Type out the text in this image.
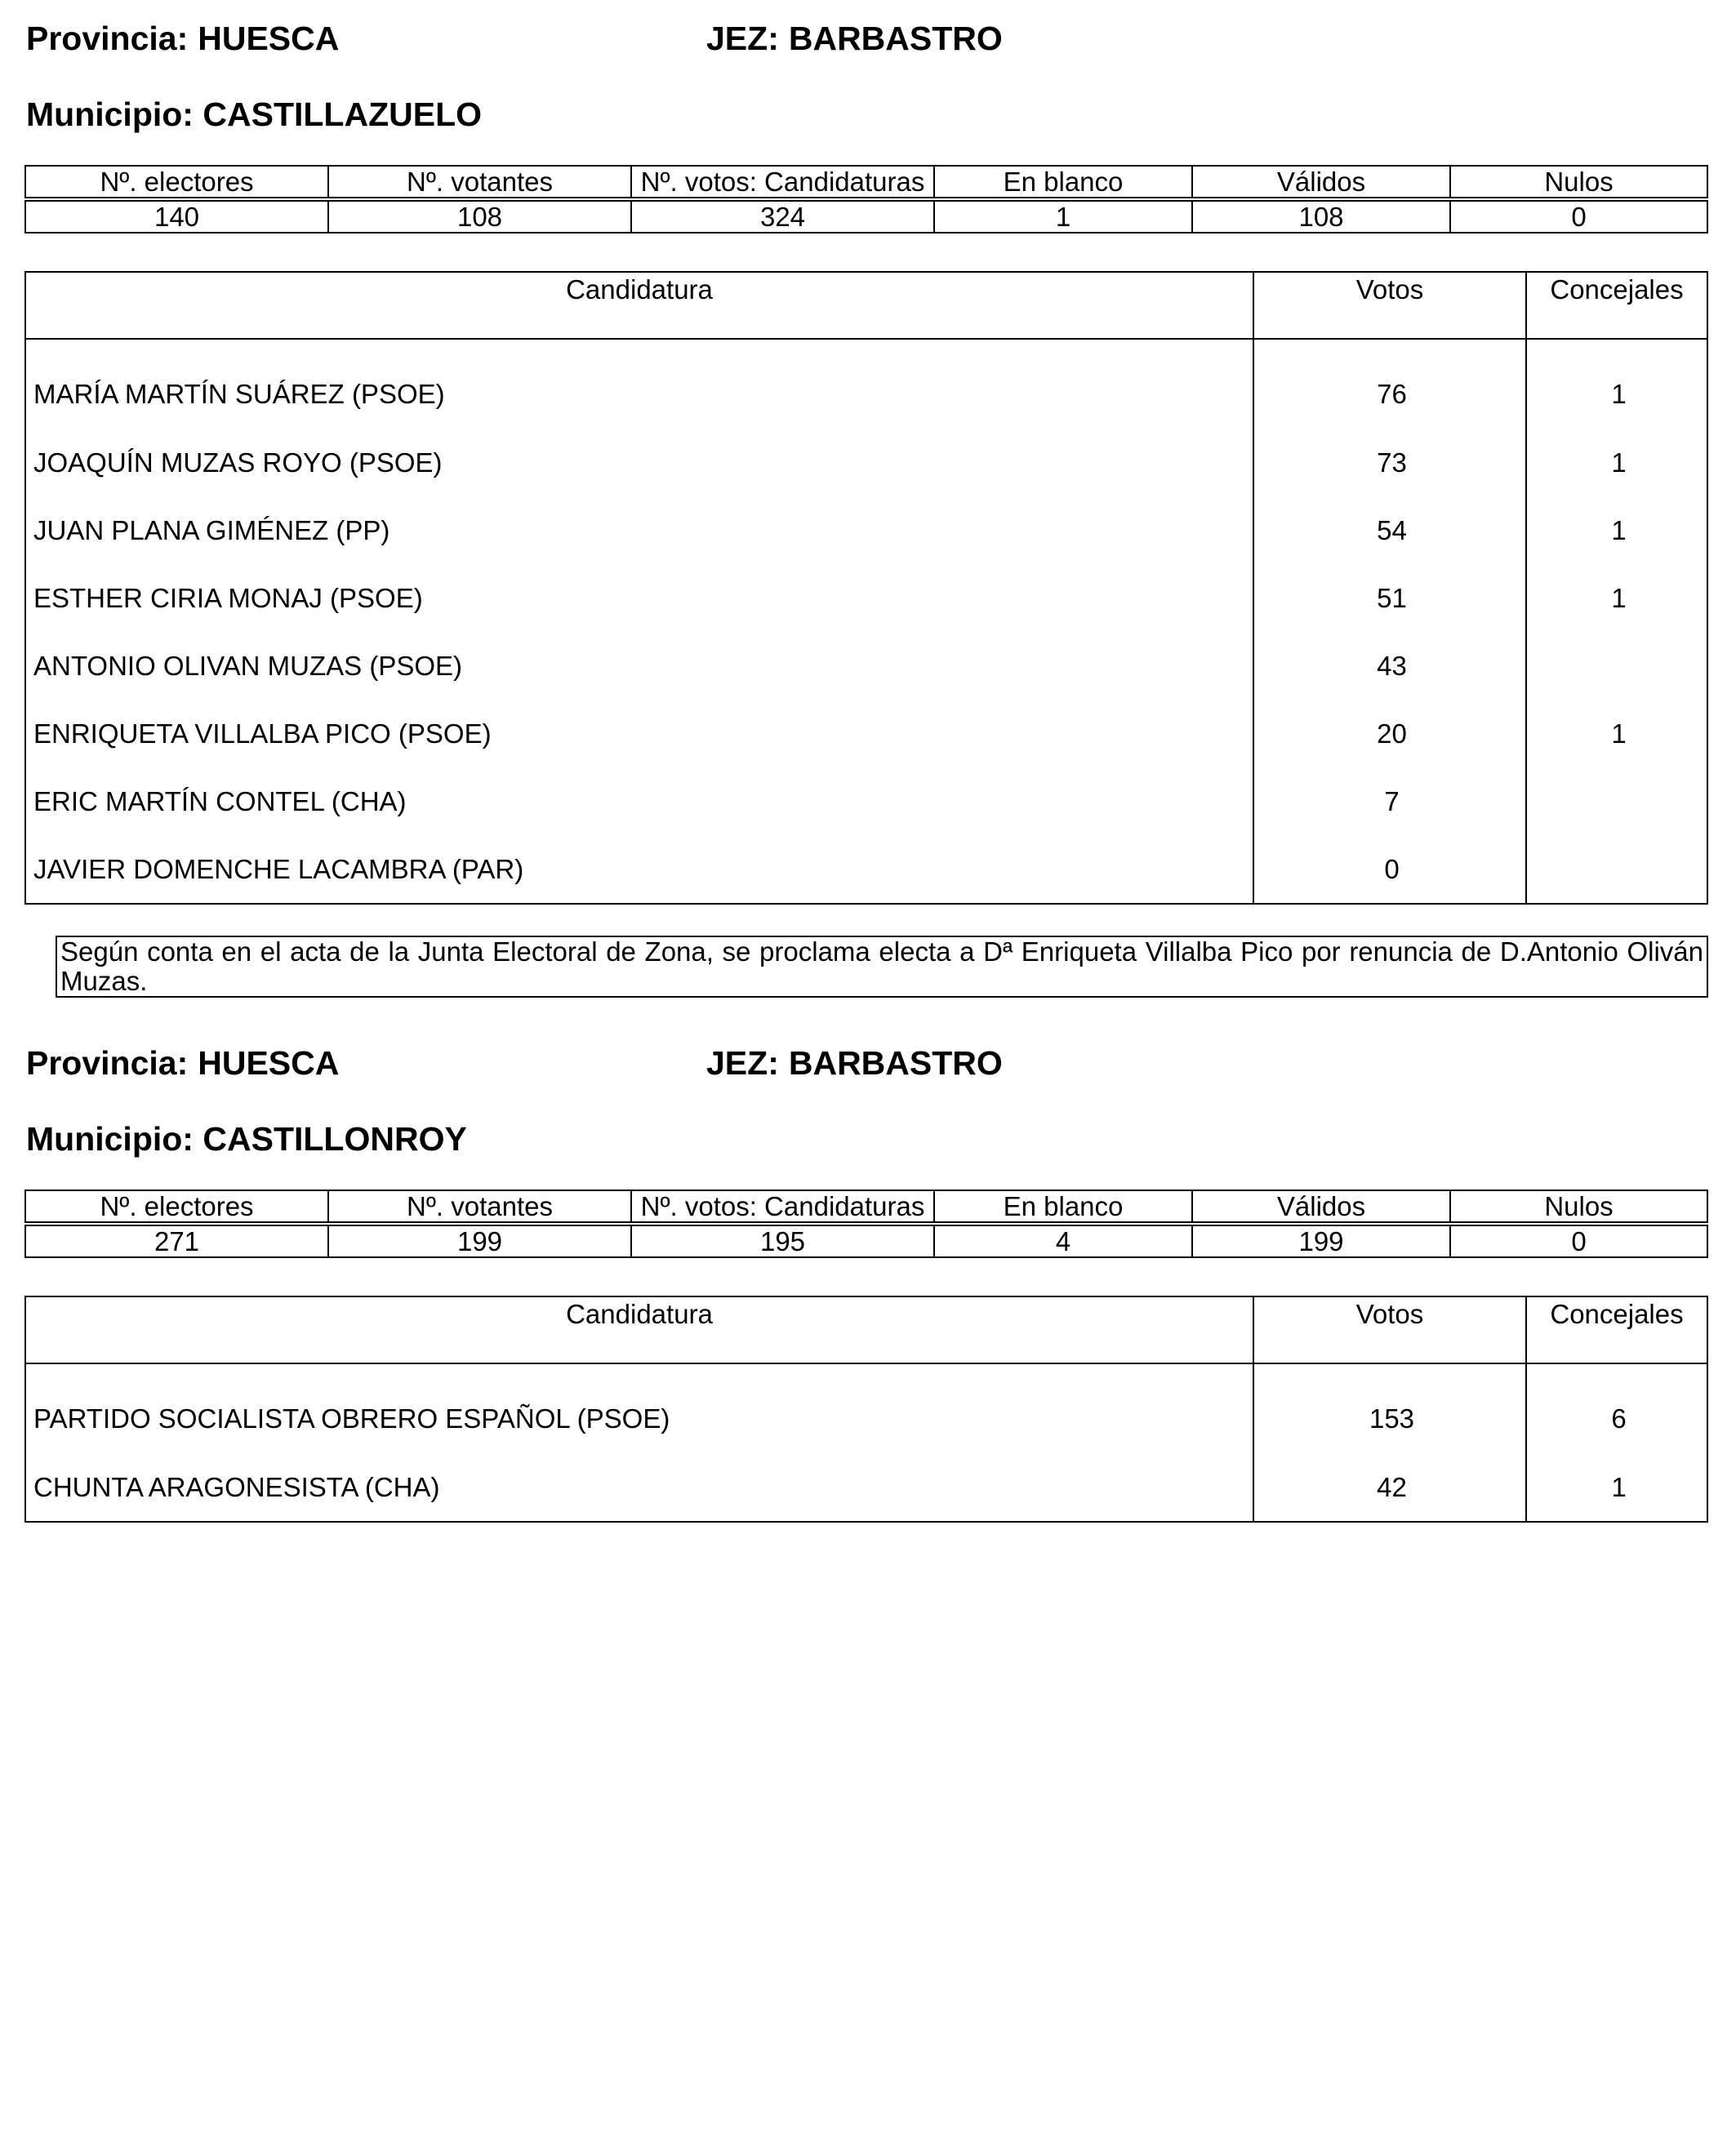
Provincia: HUESCA	JEZ: BARBASTRO
Municipio: CASTILLAZUELO
Nº. electores	Nº. votantes	Nº. votos: Candidaturas	En blanco	Válidos	Nulos

140	108	324	1	108	0
Candidatura	Votos	Concejales
MARÍA MARTÍN SUÁREZ (PSOE)	76	1
JOAQUÍN MUZAS ROYO (PSOE)	73	1
JUAN PLANA GIMÉNEZ (PP)	54	1
ESTHER CIRIA MONAJ (PSOE)	51	1
ANTONIO OLIVAN MUZAS (PSOE)	43	
ENRIQUETA VILLALBA PICO (PSOE)	20	1
ERIC MARTÍN CONTEL (CHA)	7	
JAVIER DOMENCHE LACAMBRA (PAR)	0	
Según conta en el acta de la Junta Electoral de Zona, se proclama electa a Dª Enriqueta Villalba Pico por renuncia de D.Antonio Oliván Muzas.
Provincia: HUESCA	JEZ: BARBASTRO
Municipio: CASTILLONROY
Nº. electores	Nº. votantes	Nº. votos: Candidaturas	En blanco	Válidos	Nulos

271	199	195	4	199	0
Candidatura	Votos	Concejales
PARTIDO SOCIALISTA OBRERO ESPAÑOL (PSOE)	153	6
CHUNTA ARAGONESISTA (CHA)	42	1
